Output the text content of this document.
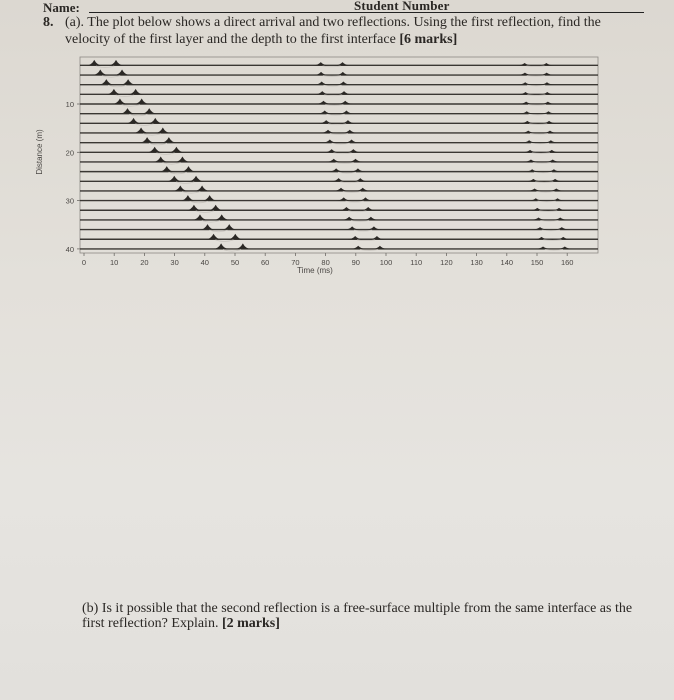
Name:	Student Number
8. (a). The plot below shows a direct arrival and two reflections. Using the first reflection, find the velocity of the first layer and the depth to the first interface [6 marks]
0	10	20	30	40	50	60	70	80	90	100 110 120 130 140 150 160
10
20
30
40
Time (ms)
Distance (m)
(b) Is it possible that the second reflection is a free-surface multiple from the same interface as the first reflection? Explain. [2 marks]
